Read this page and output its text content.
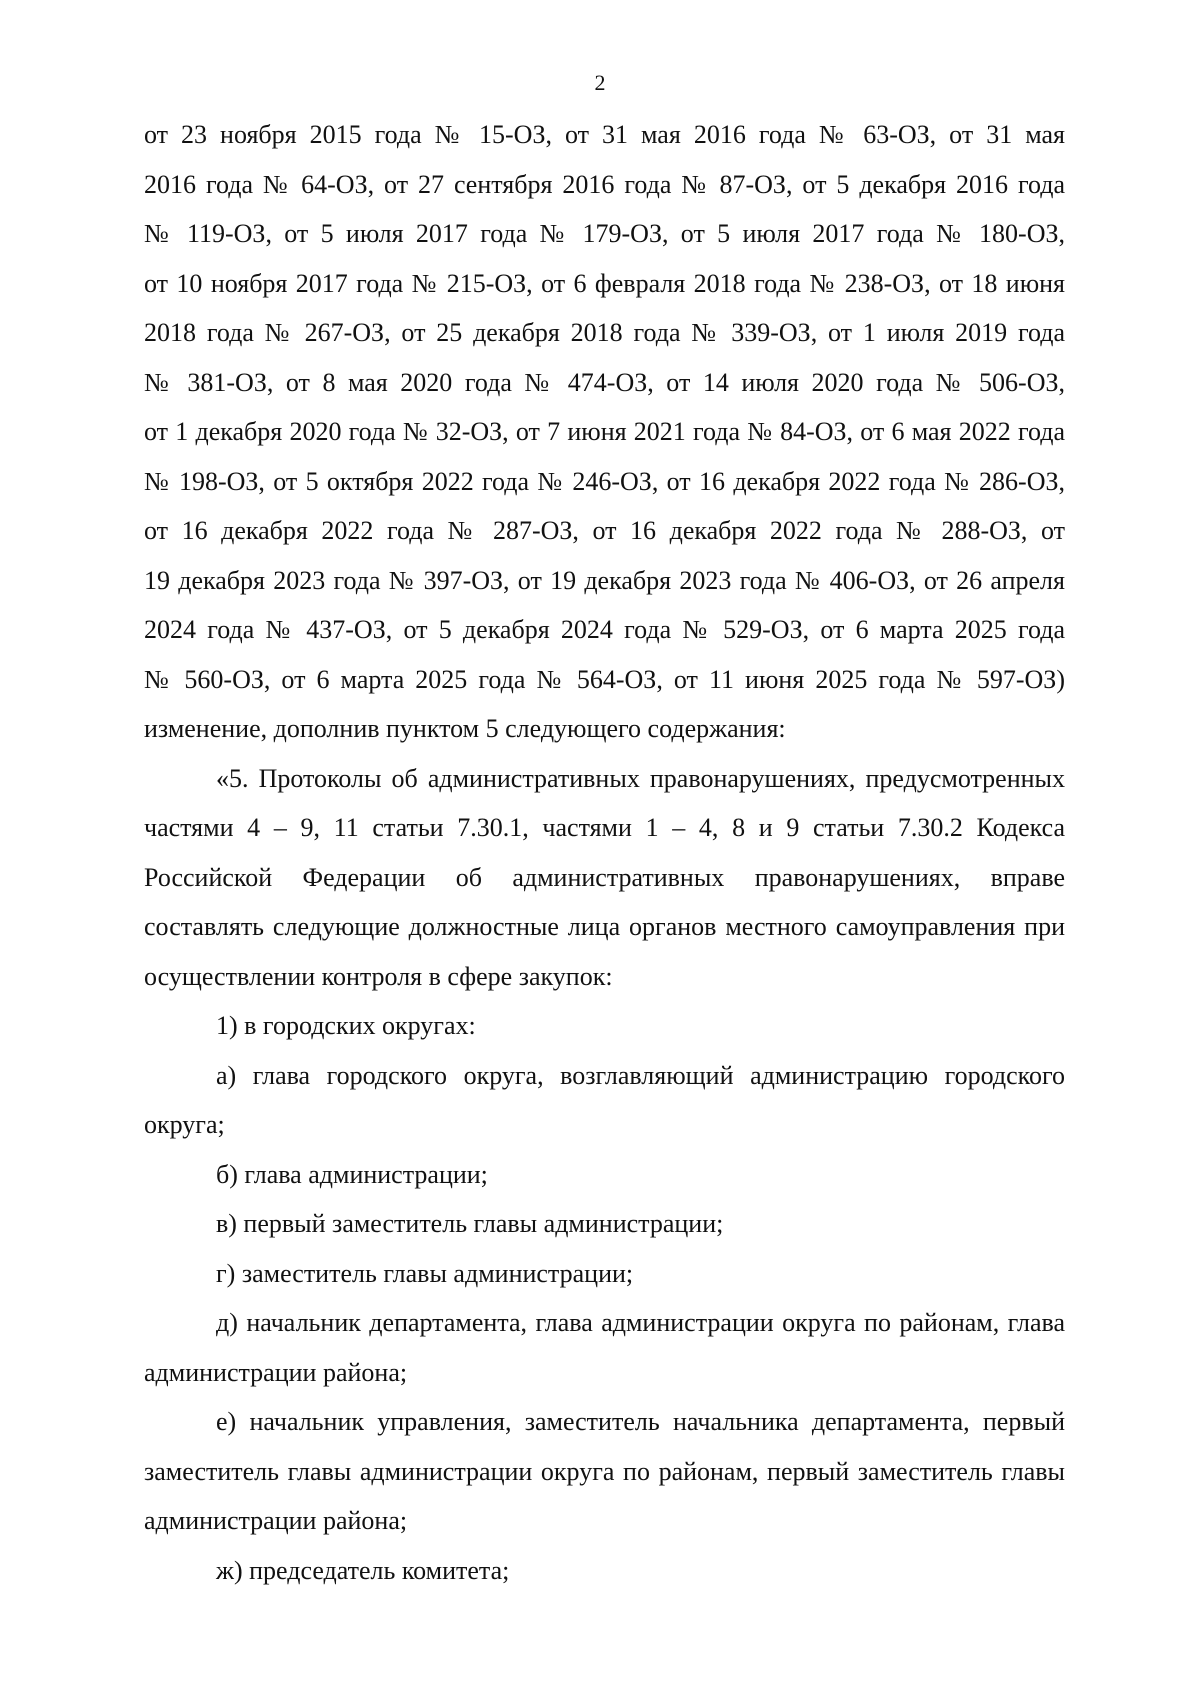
2
от 23 ноября 2015 года № 15-ОЗ, от 31 мая 2016 года № 63-ОЗ, от 31 мая
2016 года № 64-ОЗ, от 27 сентября 2016 года № 87-ОЗ, от 5 декабря 2016 года
№ 119-ОЗ, от 5 июля 2017 года № 179-ОЗ, от 5 июля 2017 года № 180-ОЗ,
от 10 ноября 2017 года № 215-ОЗ, от 6 февраля 2018 года № 238-ОЗ, от 18 июня
2018 года № 267-ОЗ, от 25 декабря 2018 года № 339-ОЗ, от 1 июля 2019 года
№ 381-ОЗ, от 8 мая 2020 года № 474-ОЗ, от 14 июля 2020 года № 506-ОЗ,
от 1 декабря 2020 года № 32-ОЗ, от 7 июня 2021 года № 84-ОЗ, от 6 мая 2022 года
№ 198-ОЗ, от 5 октября 2022 года № 246-ОЗ, от 16 декабря 2022 года № 286-ОЗ,
от 16 декабря 2022 года № 287-ОЗ, от 16 декабря 2022 года № 288-ОЗ, от
19 декабря 2023 года № 397-ОЗ, от 19 декабря 2023 года № 406-ОЗ, от 26 апреля
2024 года № 437-ОЗ, от 5 декабря 2024 года № 529-ОЗ, от 6 марта 2025 года
№ 560-ОЗ, от 6 марта 2025 года № 564-ОЗ, от 11 июня 2025 года № 597-ОЗ)
изменение, дополнив пунктом 5 следующего содержания:
«5. Протоколы об административных правонарушениях, предусмотренных
частями 4 – 9, 11 статьи 7.30.1, частями 1 – 4, 8 и 9 статьи 7.30.2 Кодекса
Российской Федерации об административных правонарушениях, вправе
составлять следующие должностные лица органов местного самоуправления при
осуществлении контроля в сфере закупок:
1) в городских округах:
а) глава городского округа, возглавляющий администрацию городского
округа;
б) глава администрации;
в) первый заместитель главы администрации;
г) заместитель главы администрации;
д) начальник департамента, глава администрации округа по районам, глава
администрации района;
е) начальник управления, заместитель начальника департамента, первый
заместитель главы администрации округа по районам, первый заместитель главы
администрации района;
ж) председатель комитета;
